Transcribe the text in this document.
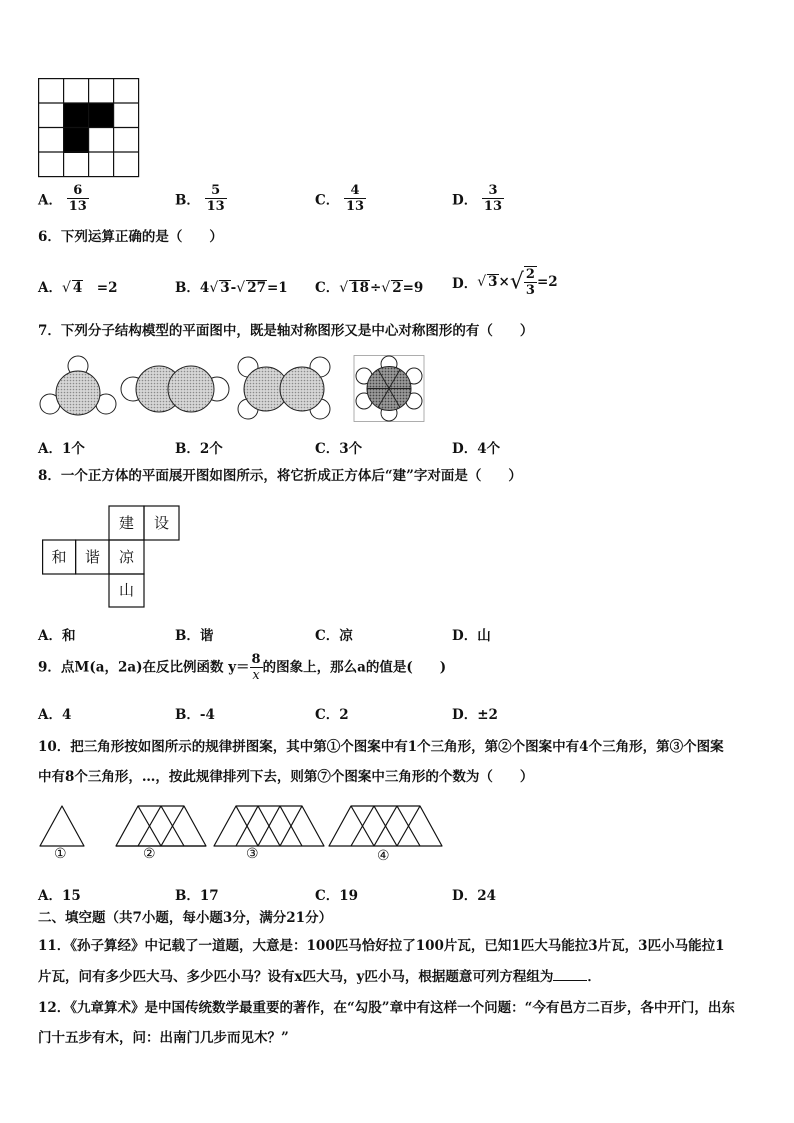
A． $\frac{6}{13}$	B． $\frac{5}{13}$	C． $\frac{4}{13}$	D． $\frac{3}{13}$
6．下列运算正确的是（　　）
A．√ 4　=2	B．4√ 3-√ 27=1 C．√ 18÷√ 2=9 D．√ $3\times√ \frac{2}{3} =2$
7．下列分子结构模型的平面图中，既是轴对称图形又是中心对称图形的有（　　）
A．1个	B．2个	C．3个	D．4个
8．一个正方体的平面展开图如图所示，将它折成正方体后“建”字对面是（　　）
建	设
和	谐	凉
山
A．和	B．谐	C．凉	D．山
9．点M(a，2a)在反比例函数 $y= \frac{8}{x}$ 的图象上，那么a的值是(　　)
A．4	B．-4	C．2	D．±2
10．把三角形按如图所示的规律拼图案，其中第①个图案中有1个三角形，第②个图案中有4个三角形，第③个图案
中有8个三角形，…，按此规律排列下去，则第⑦个图案中三角形的个数为（　　）
①	②	③	④
A．15	B．17	C．19	D．24
二、填空题（共7小题，每小题3分，满分21分）
11．《孙子算经》中记载了一道题，大意是：100匹马恰好拉了100片瓦，已知1匹大马能拉3片瓦，3匹小马能拉1
片瓦，问有多少匹大马、多少匹小马？设有x匹大马，y匹小马，根据题意可列方程组为	．
12．《九章算术》是中国传统数学最重要的著作，在“勾股”章中有这样一个问题：“今有邑方二百步，各中开门，出东
门十五步有木，问：出南门几步而见木？”
